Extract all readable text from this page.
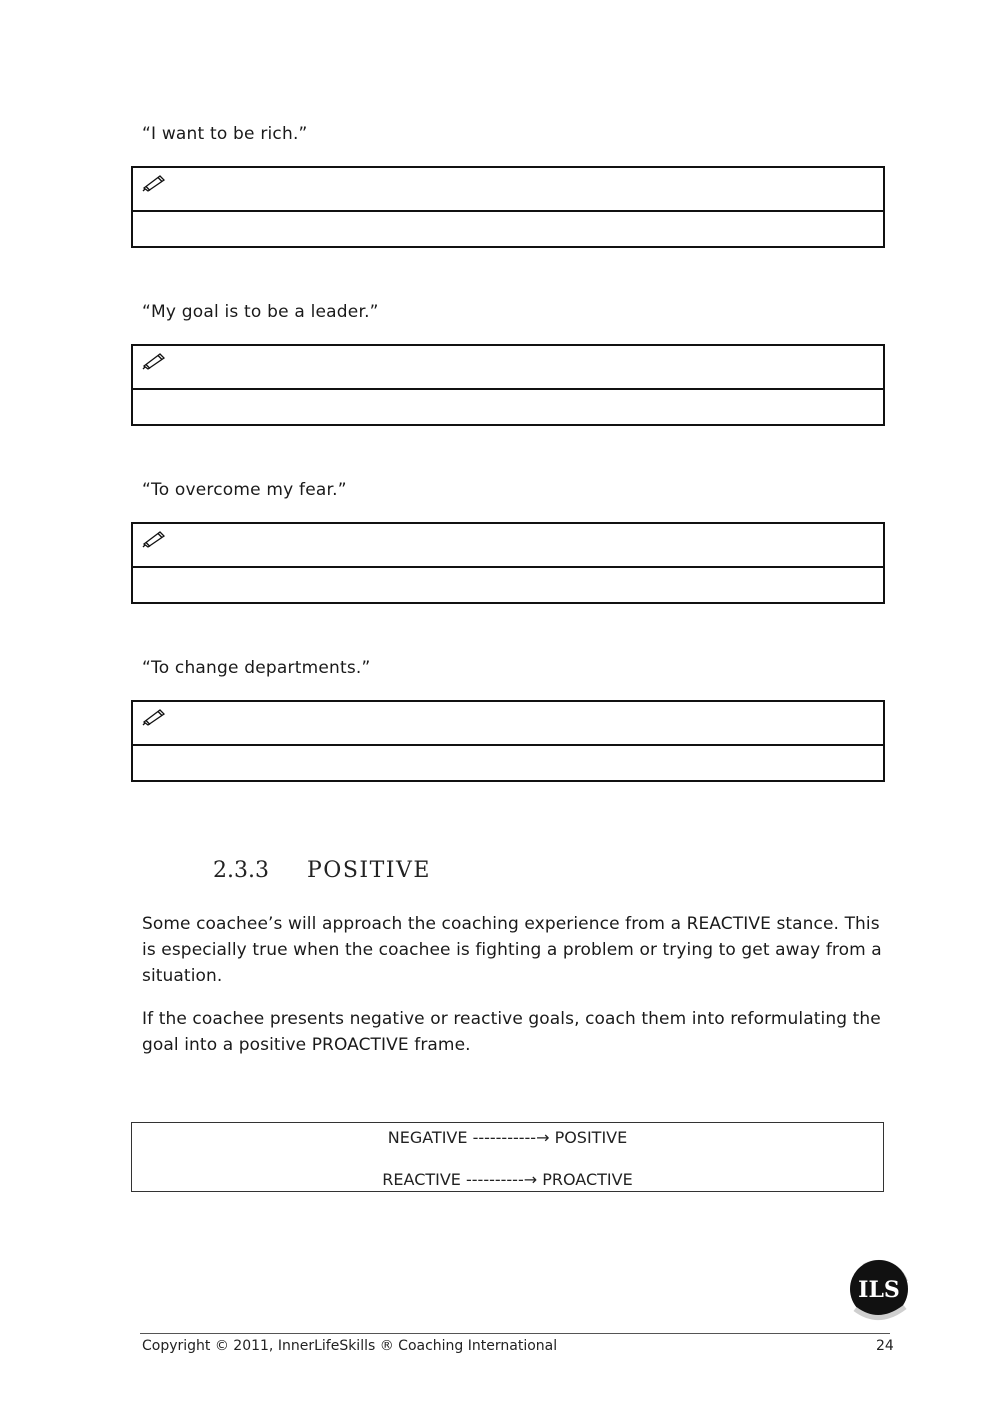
“I want to be rich.”
“My goal is to be a leader.”
“To overcome my fear.”
“To change departments.”
2.3.3 POSITIVE
Some coachee’s will approach the coaching experience from a REACTIVE stance. This is especially true when the coachee is fighting a problem or trying to get away from a situation.
If the coachee presents negative or reactive goals, coach them into reformulating the goal into a positive PROACTIVE frame.
NEGATIVE -----------→ POSITIVE
REACTIVE ----------→ PROACTIVE
ILS
Copyright © 2011, InnerLifeSkills ® Coaching International	24
